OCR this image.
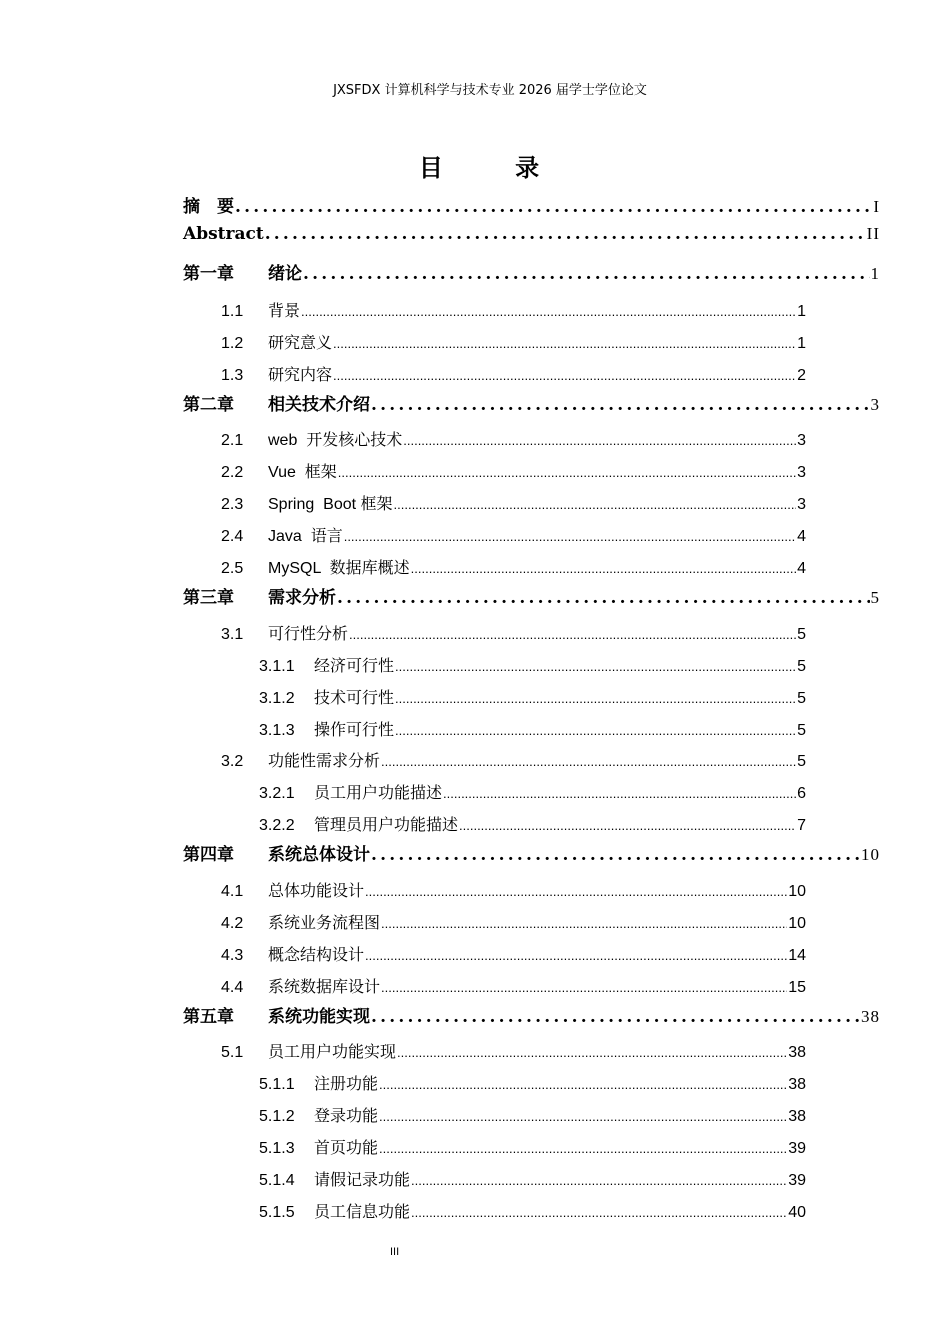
JXSFDX 计算机科学与技术专业 2026 届学士学位论文
目 录
摘　要 .....	I
Abstract .....	II
第一章	绪论 .....	1
1.1	背景 .....	1
1.2	研究意义 .....	1
1.3	研究内容 .....	2
第二章	相关技术介绍 .....	3
2.1	web  开发核心技术 .....	3
2.2	Vue  框架 .....	3
2.3	Spring  Boot 框架 .....	3
2.4	Java  语言 .....	4
2.5	MySQL  数据库概述 .....	4
第三章	需求分析 .....	5
3.1	可行性分析 .....	5
3.1.1	经济可行性 .....	5
3.1.2	技术可行性 .....	5
3.1.3	操作可行性 .....	5
3.2	功能性需求分析 .....	5
3.2.1	员工用户功能描述 .....	6
3.2.2	管理员用户功能描述 .....	7
第四章	系统总体设计 .....	10
4.1	总体功能设计 .....	10
4.2	系统业务流程图 .....	10
4.3	概念结构设计 .....	14
4.4	系统数据库设计 .....	15
第五章	系统功能实现 .....	38
5.1	员工用户功能实现 .....	38
5.1.1	注册功能 .....	38
5.1.2	登录功能 .....	38
5.1.3	首页功能 .....	39
5.1.4	请假记录功能 .....	39
5.1.5	员工信息功能 .....	40
III
